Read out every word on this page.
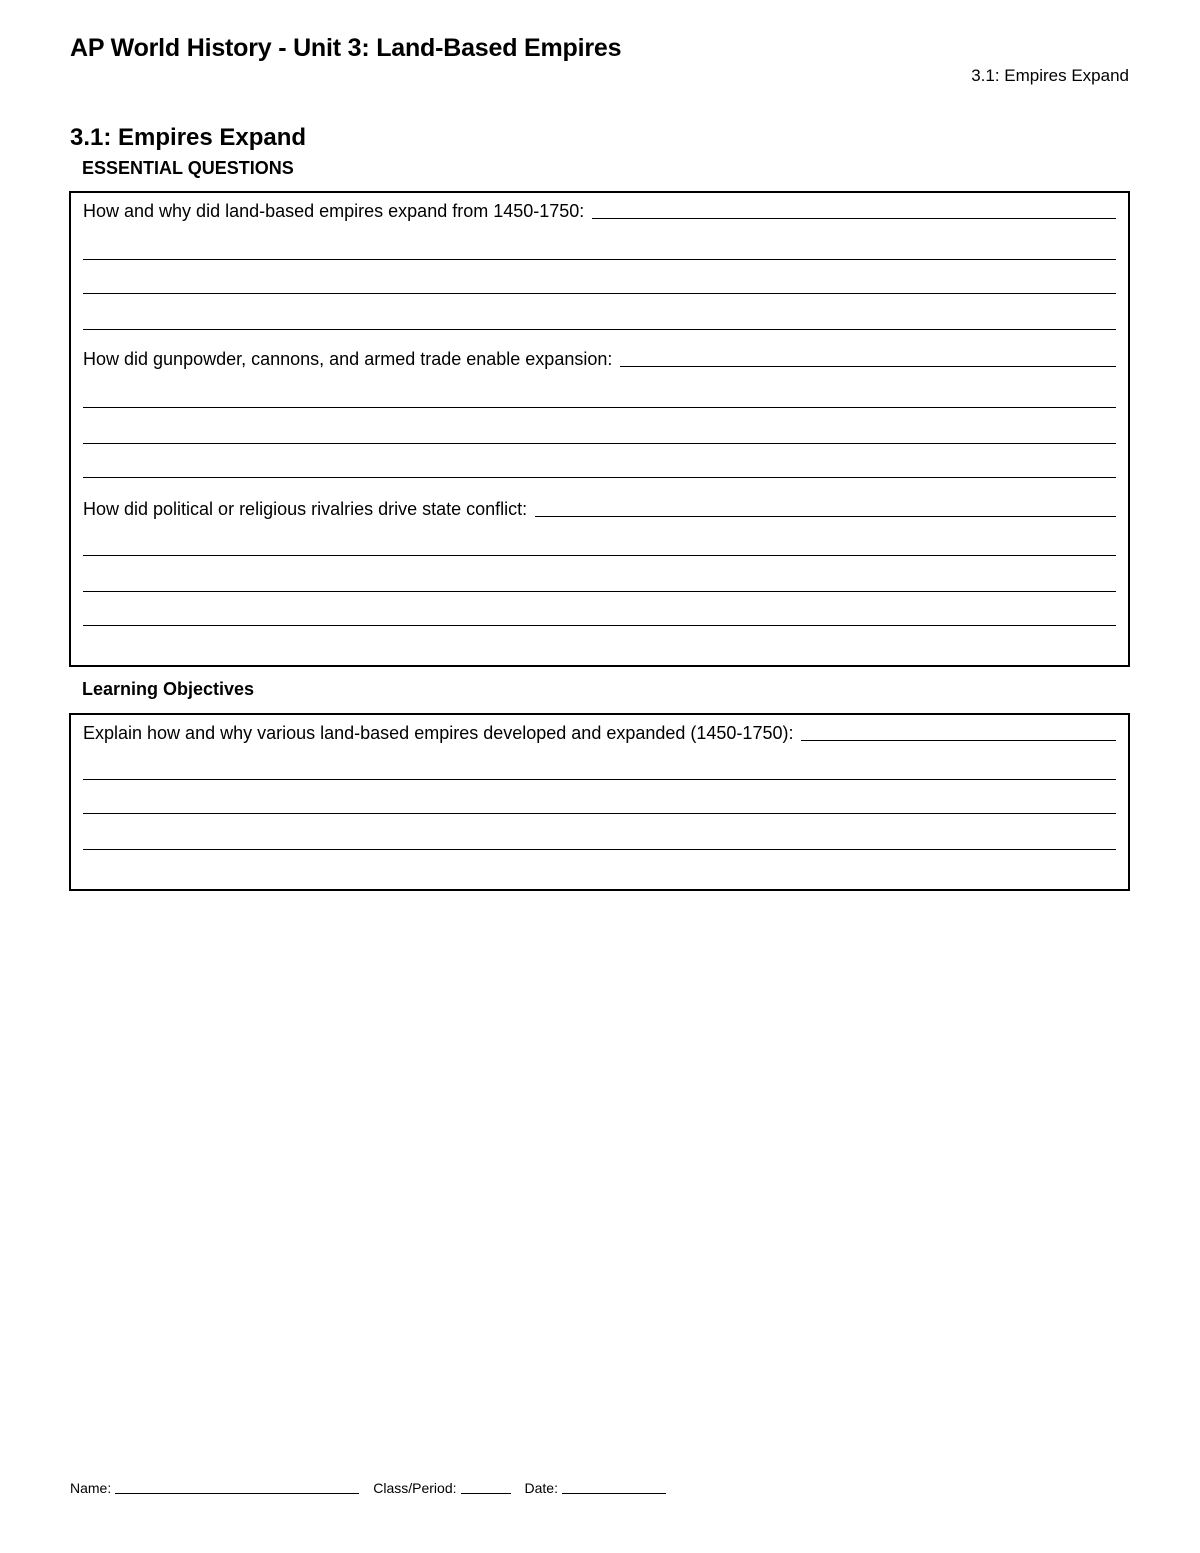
AP World History - Unit 3: Land-Based Empires
3.1: Empires Expand
3.1: Empires Expand
ESSENTIAL QUESTIONS
How and why did land-based empires expand from 1450-1750:
How did gunpowder, cannons, and armed trade enable expansion:
How did political or religious rivalries drive state conflict:
Learning Objectives
Explain how and why various land-based empires developed and expanded (1450-1750):
Name:	Class/Period:	Date:
